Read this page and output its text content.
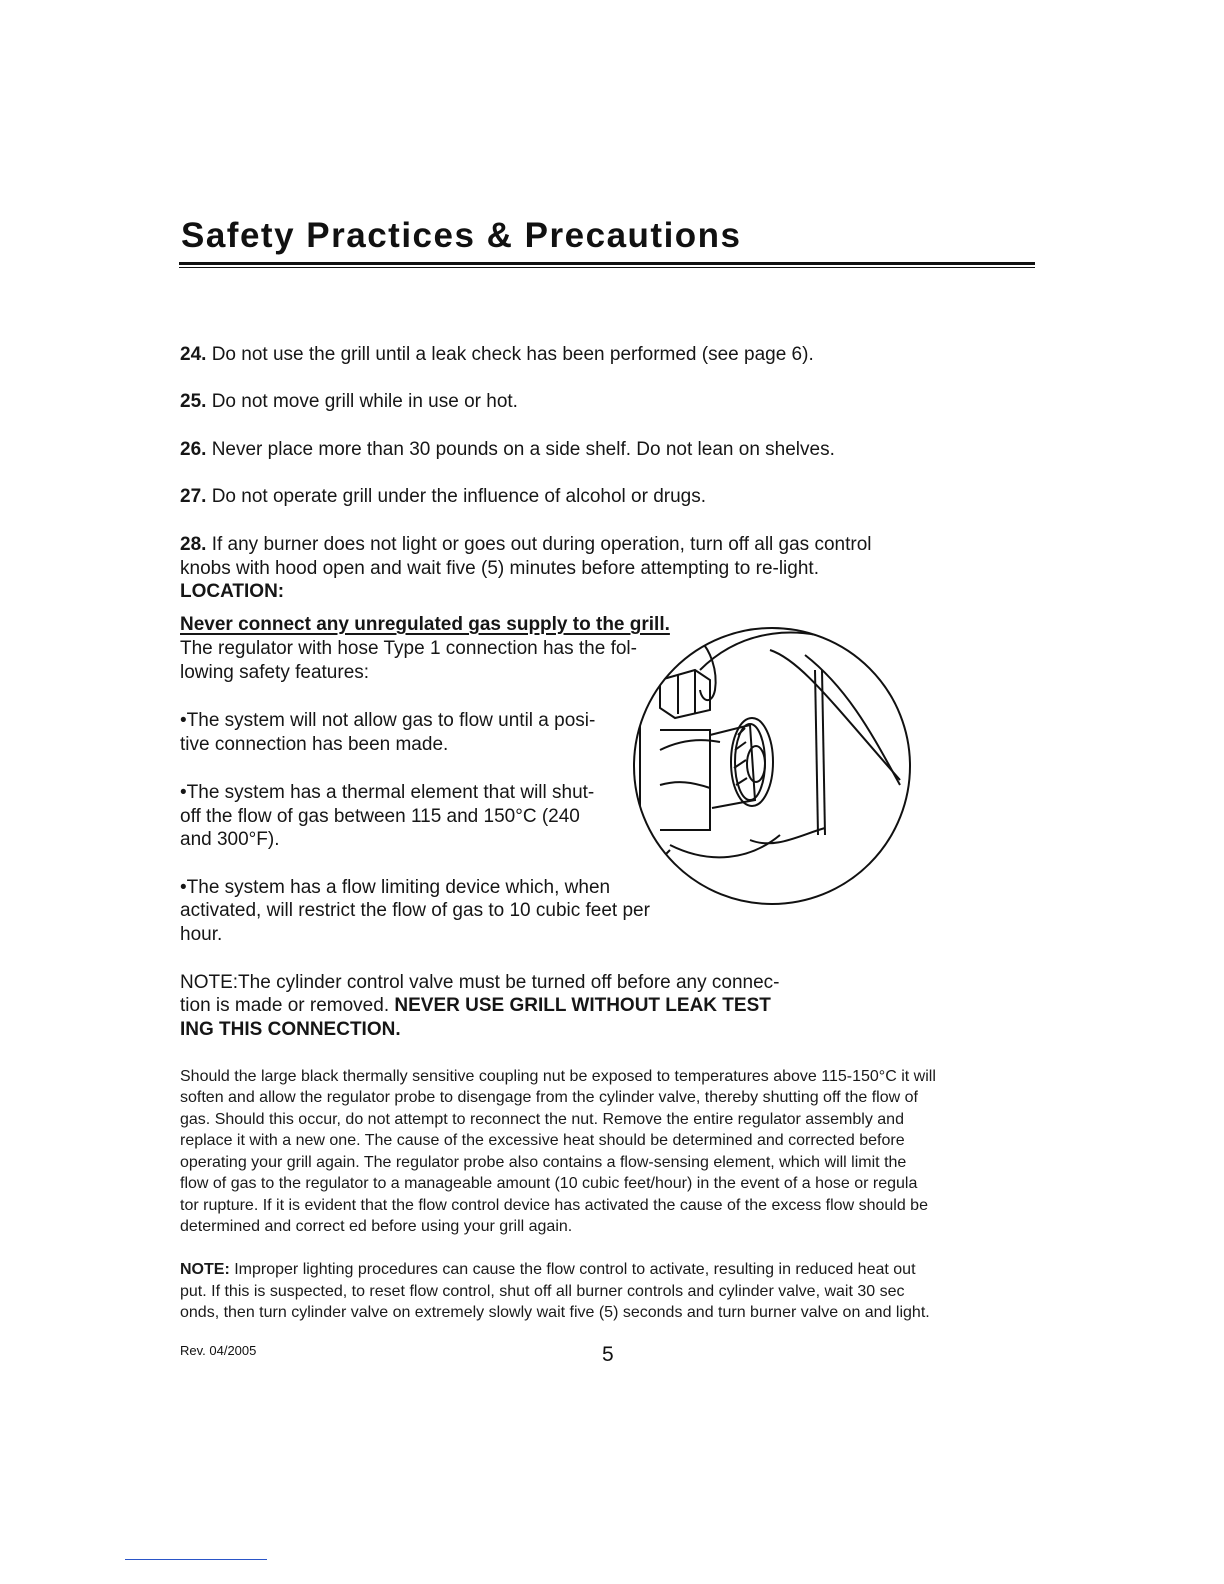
Safety Practices & Precautions

24. Do not use the grill until a leak check has been performed (see page 6).

25. Do not move grill while in use or hot.

26. Never place more than 30 pounds on a side shelf. Do not lean on shelves.

27. Do not operate grill under the influence of alcohol or drugs.

28. If any burner does not light or goes out during operation, turn off all gas control

knobs with hood open and wait five (5) minutes before attempting to re-light.

LOCATION:

Never connect any unregulated gas supply to the grill.

The regulator with hose Type 1 connection has the fol-

lowing safety features:

•The system will not allow gas to flow until a posi-

tive connection has been made.

•The system has a thermal element that will shut-

off the flow of gas between 115 and 150°C (240

and 300°F).

•The system has a flow limiting device which, when

activated, will restrict the flow of gas to 10 cubic feet per

hour.

NOTE:The cylinder control valve must be turned off before any connec-

tion is made or removed. NEVER USE GRILL WITHOUT LEAK TEST

ING THIS CONNECTION.

Should the large black thermally sensitive coupling nut be exposed to temperatures above 115-150°C it will

soften and allow the regulator probe to disengage from the cylinder valve, thereby shutting off the flow of

gas. Should this occur, do not attempt to reconnect the nut. Remove the entire regulator assembly and

replace it with a new one. The cause of the excessive heat should be determined and corrected before

operating your grill again. The regulator probe also contains a flow-sensing element, which will limit the

flow of gas to the regulator to a manageable amount (10 cubic feet/hour) in the event of a hose or regula

tor rupture. If it is evident that the flow control device has activated the cause of the excess flow should be

determined and correct ed before using your grill again.

NOTE: Improper lighting procedures can cause the flow control to activate, resulting in reduced heat out

put. If this is suspected, to reset flow control, shut off all burner controls and cylinder valve, wait 30 sec

onds, then turn cylinder valve on extremely slowly wait five (5) seconds and turn burner valve on and light.

Rev. 04/2005	5
